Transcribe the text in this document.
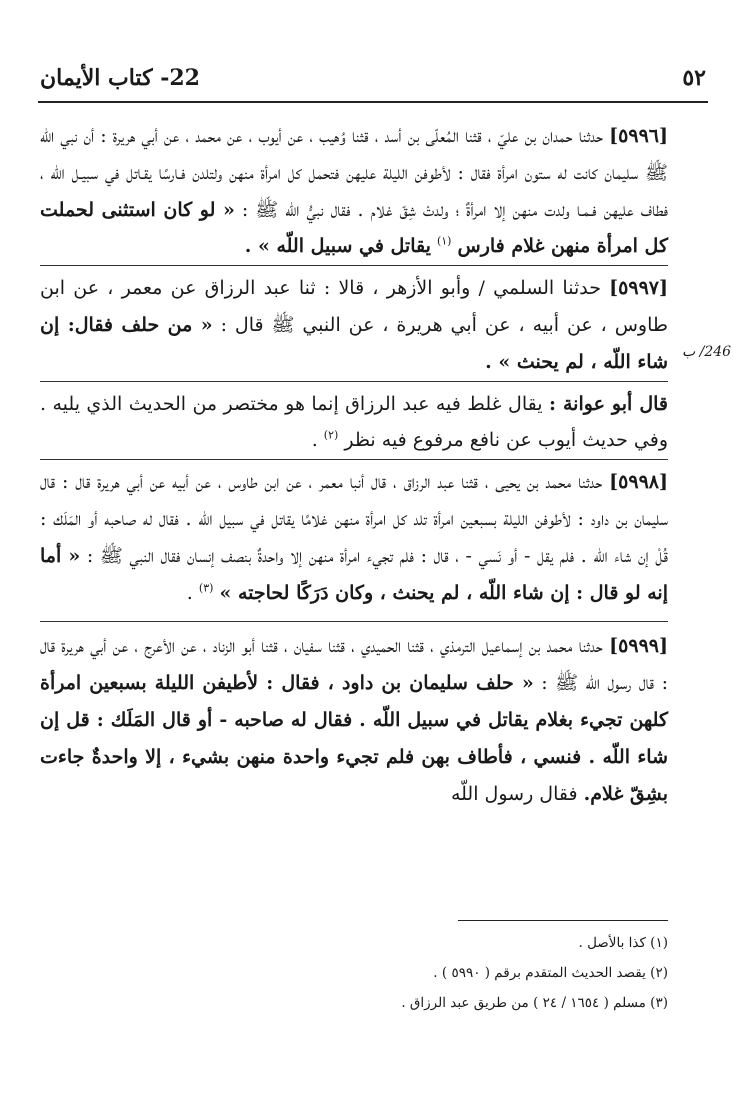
٥٢
22- كتاب الأيمان
246/ ب

[٥٩٩٦] حدثنا حمدان بن عليّ ، قثنا المُعلّى بن أسد ، قثنا وُهيب ، عن أيوب ، عن محمد ، عن أبي هريرة : أن نبي اللّه ﷺ سليمان كانت له ستون امرأة فقال : لأطوفن الليلة عليهن فتحمل كل امرأة منهن ولتلدن فـارسًا يقـاتل في سبيـل اللّه ، فطاف عليهن فـمـا ولدت منهن إلا امرأةٌ ؛ ولدتْ شِقّ غلام . فقال نبيُّ اللّه ﷺ : « لو كان استثنى لحملت كل امرأة منهن غلام فارس $^{(١)}$ يقاتل في سبيل اللّه » .

[٥٩٩٧] حدثنا السلمي / وأبو الأزهر ، قالا : ثنا عبد الرزاق عن معمر ، عن ابن طاوس ، عن أبيه ، عن أبي هريرة ، عن النبي ﷺ قال : « من حلف فقال: إن شاء اللّه ، لم يحنث » .

قال أبو عوانة : يقال غلط فيه عبد الرزاق إنما هو مختصر من الحديث الذي يليه . وفي حديث أيوب عن نافع مرفوع فيه نظر $^{(٢)}$ .

[٥٩٩٨] حدثنا محمد بن يحيى ، قثنا عبد الرزاق ، قال أنبا معمر ، عن ابن طاوس ، عن أبيه عن أبي هريرة قال : قال سليمان بن داود : لأطوفن الليلة بسبعين امرأة تلد كل امرأة منهن غلامًا يقاتل في سبيل اللّه . فقال له صاحبه أو المَلَك : قُلْ إن شاء اللّه . فلم يقل - أو نَسي - ، قال : فلم تجيء امرأة منهن إلا واحدةٌ بنصف إنسان فقال النبي ﷺ : « أما إنه لو قال : إن شاء اللّه ، لم يحنث ، وكان دَرَكًا لحاجته » $^{(٣)}$ .

[٥٩٩٩] حدثنا محمد بن إسماعيل الترمذي ، قثنا الحميدي ، قثنا سفيان ، قثنا أبو الزناد ، عن الأعرج ، عن أبي هريرة قال : قال رسول اللّه ﷺ : « حلف سليمان بن داود ، فقال : لأطيفن الليلة بسبعين امرأة كلهن تجيء بغلام يقاتل في سبيل اللّه . فقال له صاحبه - أو قال المَلَك : قل إن شاء اللّه . فنسي ، فأطاف بهن فلم تجيء واحدة منهن بشيء ، إلا واحدةٌ جاءت بشِقّ غلام. فقال رسول اللّه

(١) كذا بالأصل .
(٢) يقصد الحديث المتقدم برقم ( ٥٩٩٠ ) .
(٣) مسلم ( ١٦٥٤ / ٢٤ ) من طريق عبد الرزاق .
